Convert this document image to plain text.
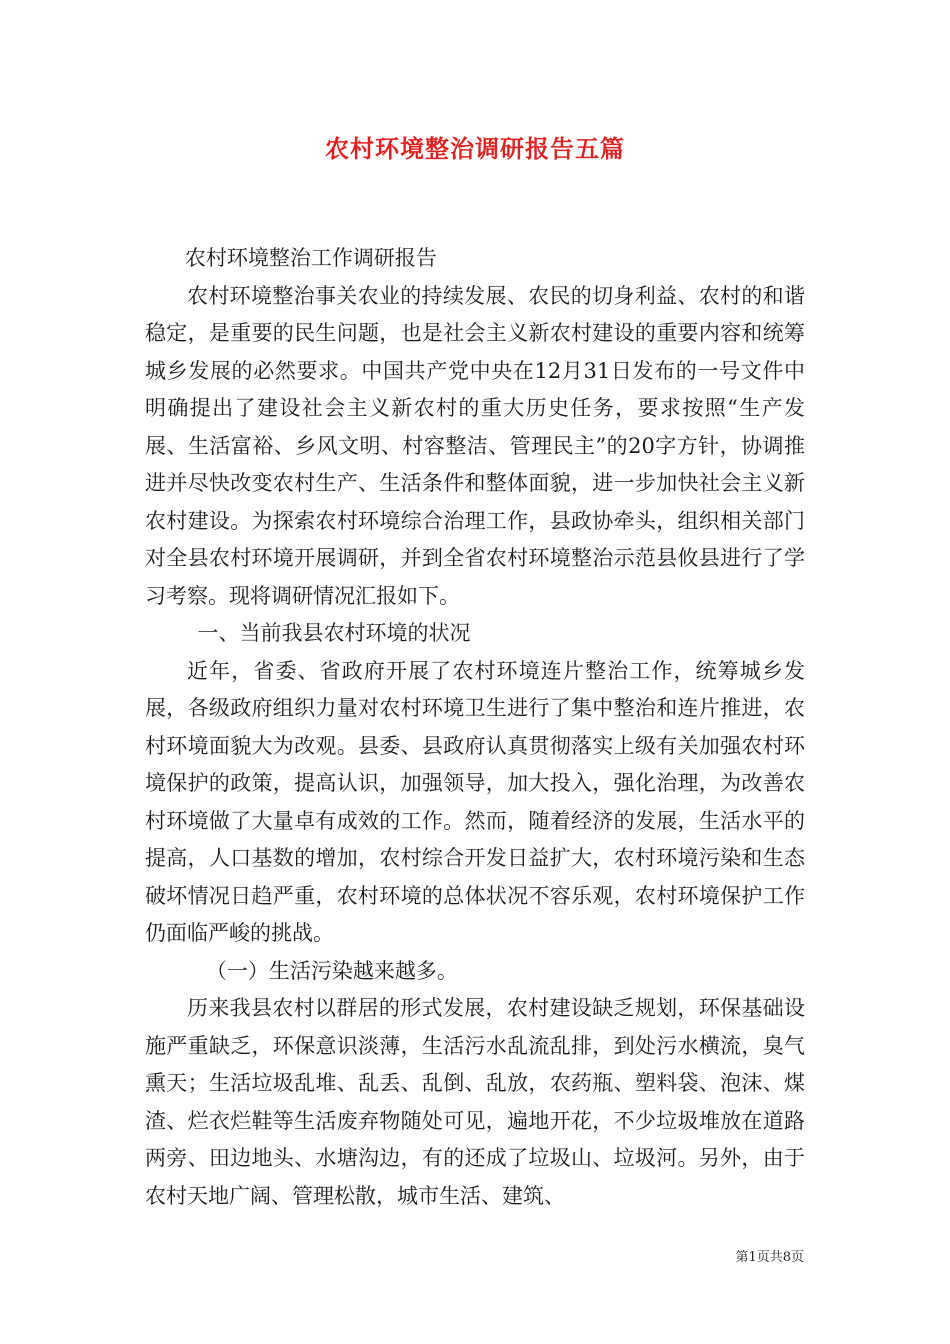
农村环境整治调研报告五篇

农村环境整治工作调研报告

农村环境整治事关农业的持续发展、农民的切身利益、农村的和谐稳定，是重要的民生问题，也是社会主义新农村建设的重要内容和统筹城乡发展的必然要求。中国共产党中央在12月31日发布的一号文件中明确提出了建设社会主义新农村的重大历史任务，要求按照“生产发展、生活富裕、乡风文明、村容整洁、管理民主”的20字方针，协调推进并尽快改变农村生产、生活条件和整体面貌，进一步加快社会主义新农村建设。为探索农村环境综合治理工作，县政协牵头，组织相关部门对全县农村环境开展调研，并到全省农村环境整治示范县攸县进行了学习考察。现将调研情况汇报如下。

一、当前我县农村环境的状况

近年，省委、省政府开展了农村环境连片整治工作，统筹城乡发展，各级政府组织力量对农村环境卫生进行了集中整治和连片推进，农村环境面貌大为改观。县委、县政府认真贯彻落实上级有关加强农村环境保护的政策，提高认识，加强领导，加大投入，强化治理，为改善农村环境做了大量卓有成效的工作。然而，随着经济的发展，生活水平的提高，人口基数的增加，农村综合开发日益扩大，农村环境污染和生态破坏情况日趋严重，农村环境的总体状况不容乐观，农村环境保护工作仍面临严峻的挑战。

（一）生活污染越来越多。

历来我县农村以群居的形式发展，农村建设缺乏规划，环保基础设施严重缺乏，环保意识淡薄，生活污水乱流乱排，到处污水横流，臭气熏天；生活垃圾乱堆、乱丢、乱倒、乱放，农药瓶、塑料袋、泡沫、煤渣、烂衣烂鞋等生活废弃物随处可见，遍地开花，不少垃圾堆放在道路两旁、田边地头、水塘沟边，有的还成了垃圾山、垃圾河。另外，由于农村天地广阔、管理松散，城市生活、建筑、

第1页共8页
